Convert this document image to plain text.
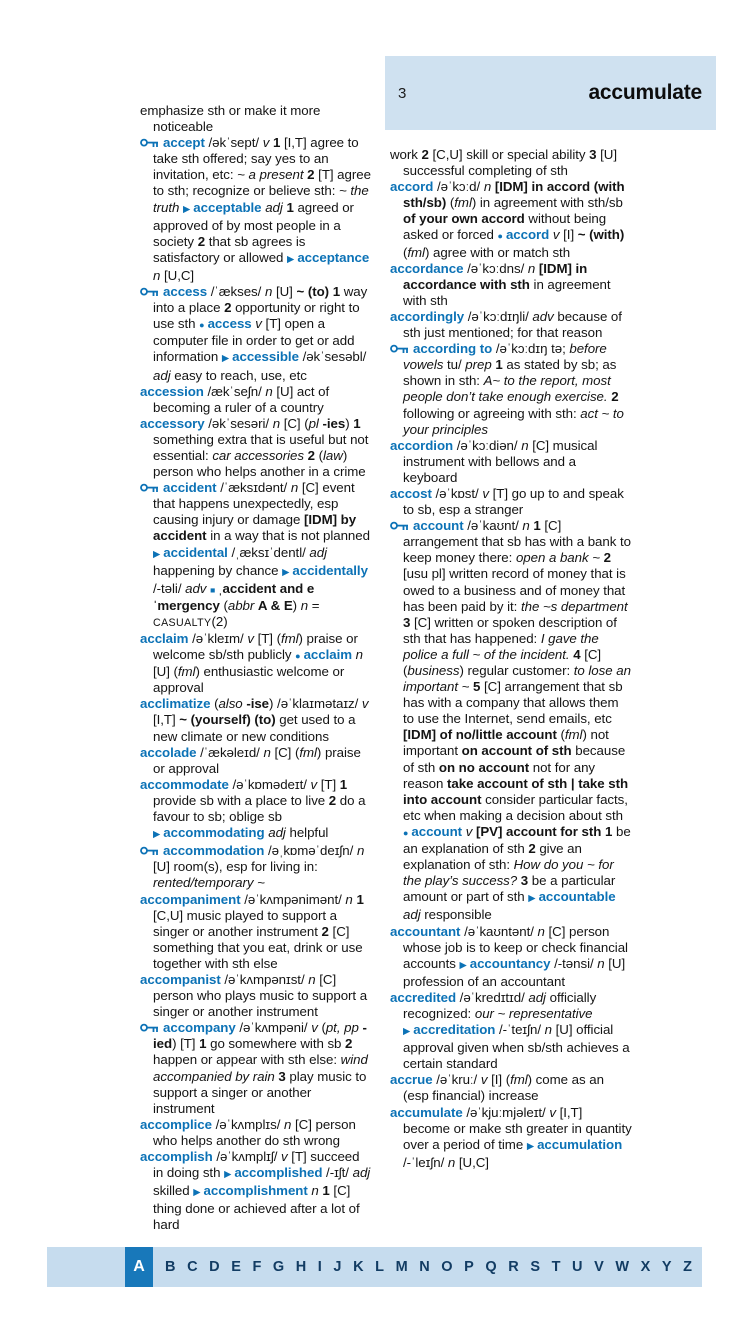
3	accumulate

emphasize sth or make it more noticeable

accept /əkˈsept/ v 1 [I,T] agree to take sth offered; say yes to an invitation, etc: ~ a present 2 [T] agree to sth; recognize or believe sth: ~ the truth ▶ acceptable adj 1 agreed or approved of by most people in a society 2 that sb agrees is satisfactory or allowed ▶ acceptance n [U,C]

access /ˈækses/ n [U] ~ (to) 1 way into a place 2 opportunity or right to use sth ● access v [T] open a computer file in order to get or add information ▶ accessible /əkˈsesəbl/ adj easy to reach, use, etc

accession /ækˈseʃn/ n [U] act of becoming a ruler of a country

accessory /əkˈsesəri/ n [C] (pl -ies) 1 something extra that is useful but not essential: car accessories 2 (law) person who helps another in a crime

accident /ˈæksɪdənt/ n [C] event that happens unexpectedly, esp causing injury or damage [IDM] by accident in a way that is not planned ▶ accidental /ˌæksɪˈdentl/ adj happening by chance ▶ accidentally /-təli/ adv ■ ˌaccident and eˈmergency (abbr A & E) n = CASUALTY(2)

acclaim /əˈkleɪm/ v [T] (fml) praise or welcome sb/sth publicly ● acclaim n [U] (fml) enthusiastic welcome or approval

acclimatize (also -ise) /əˈklaɪmətaɪz/ v [I,T] ~ (yourself) (to) get used to a new climate or new conditions

accolade /ˈækəleɪd/ n [C] (fml) praise or approval

accommodate /əˈkɒmədeɪt/ v [T] 1 provide sb with a place to live 2 do a favour to sb; oblige sb ▶ accommodating adj helpful

accommodation /əˌkɒməˈdeɪʃn/ n [U] room(s), esp for living in: rented/temporary ~

accompaniment /əˈkʌmpənimənt/ n 1 [C,U] music played to support a singer or another instrument 2 [C] something that you eat, drink or use together with sth else

accompanist /əˈkʌmpənɪst/ n [C] person who plays music to support a singer or another instrument

accompany /əˈkʌmpəni/ v (pt, pp -ied) [T] 1 go somewhere with sb 2 happen or appear with sth else: wind accompanied by rain 3 play music to support a singer or another instrument

accomplice /əˈkʌmplɪs/ n [C] person who helps another do sth wrong

accomplish /əˈkʌmplɪʃ/ v [T] succeed in doing sth ▶ accomplished /-ɪʃt/ adj skilled ▶ accomplishment n 1 [C] thing done or achieved after a lot of hard

work 2 [C,U] skill or special ability 3 [U] successful completing of sth

accord /əˈkɔːd/ n [IDM] in accord (with sth/sb) (fml) in agreement with sth/sb of your own accord without being asked or forced ● accord v [I] ~ (with) (fml) agree with or match sth

accordance /əˈkɔːdns/ n [IDM] in accordance with sth in agreement with sth

accordingly /əˈkɔːdɪŋli/ adv because of sth just mentioned; for that reason

according to /əˈkɔːdɪŋ tə; before vowels tu/ prep 1 as stated by sb; as shown in sth: A~ to the report, most people don’t take enough exercise. 2 following or agreeing with sth: act ~ to your principles

accordion /əˈkɔːdiən/ n [C] musical instrument with bellows and a keyboard

accost /əˈkɒst/ v [T] go up to and speak to sb, esp a stranger

account /əˈkaʊnt/ n 1 [C] arrangement that sb has with a bank to keep money there: open a bank ~ 2 [usu pl] written record of money that is owed to a business and of money that has been paid by it: the ~s department 3 [C] written or spoken description of sth that has happened: I gave the police a full ~ of the incident. 4 [C] (business) regular customer: to lose an important ~ 5 [C] arrangement that sb has with a company that allows them to use the Internet, send emails, etc [IDM] of no/little account (fml) not important on account of sth because of sth on no account not for any reason take account of sth | take sth into account consider particular facts, etc when making a decision about sth ● account v [PV] account for sth 1 be an explanation of sth 2 give an explanation of sth: How do you ~ for the play’s success? 3 be a particular amount or part of sth ▶ accountable adj responsible

accountant /əˈkaʊntənt/ n [C] person whose job is to keep or check financial accounts ▶ accountancy /-tənsi/ n [U] profession of an accountant

accredited /əˈkredɪtɪd/ adj officially recognized: our ~ representative ▶ accreditation /-ˈteɪʃn/ n [U] official approval given when sb/sth achieves a certain standard

accrue /əˈkruː/ v [I] (fml) come as an (esp financial) increase

accumulate /əˈkjuːmjəleɪt/ v [I,T] become or make sth greater in quantity over a period of time ▶ accumulation /-ˈleɪʃn/ n [U,C]

A	B C D E F G H I J K L M N O P Q R S T U V W X Y Z
